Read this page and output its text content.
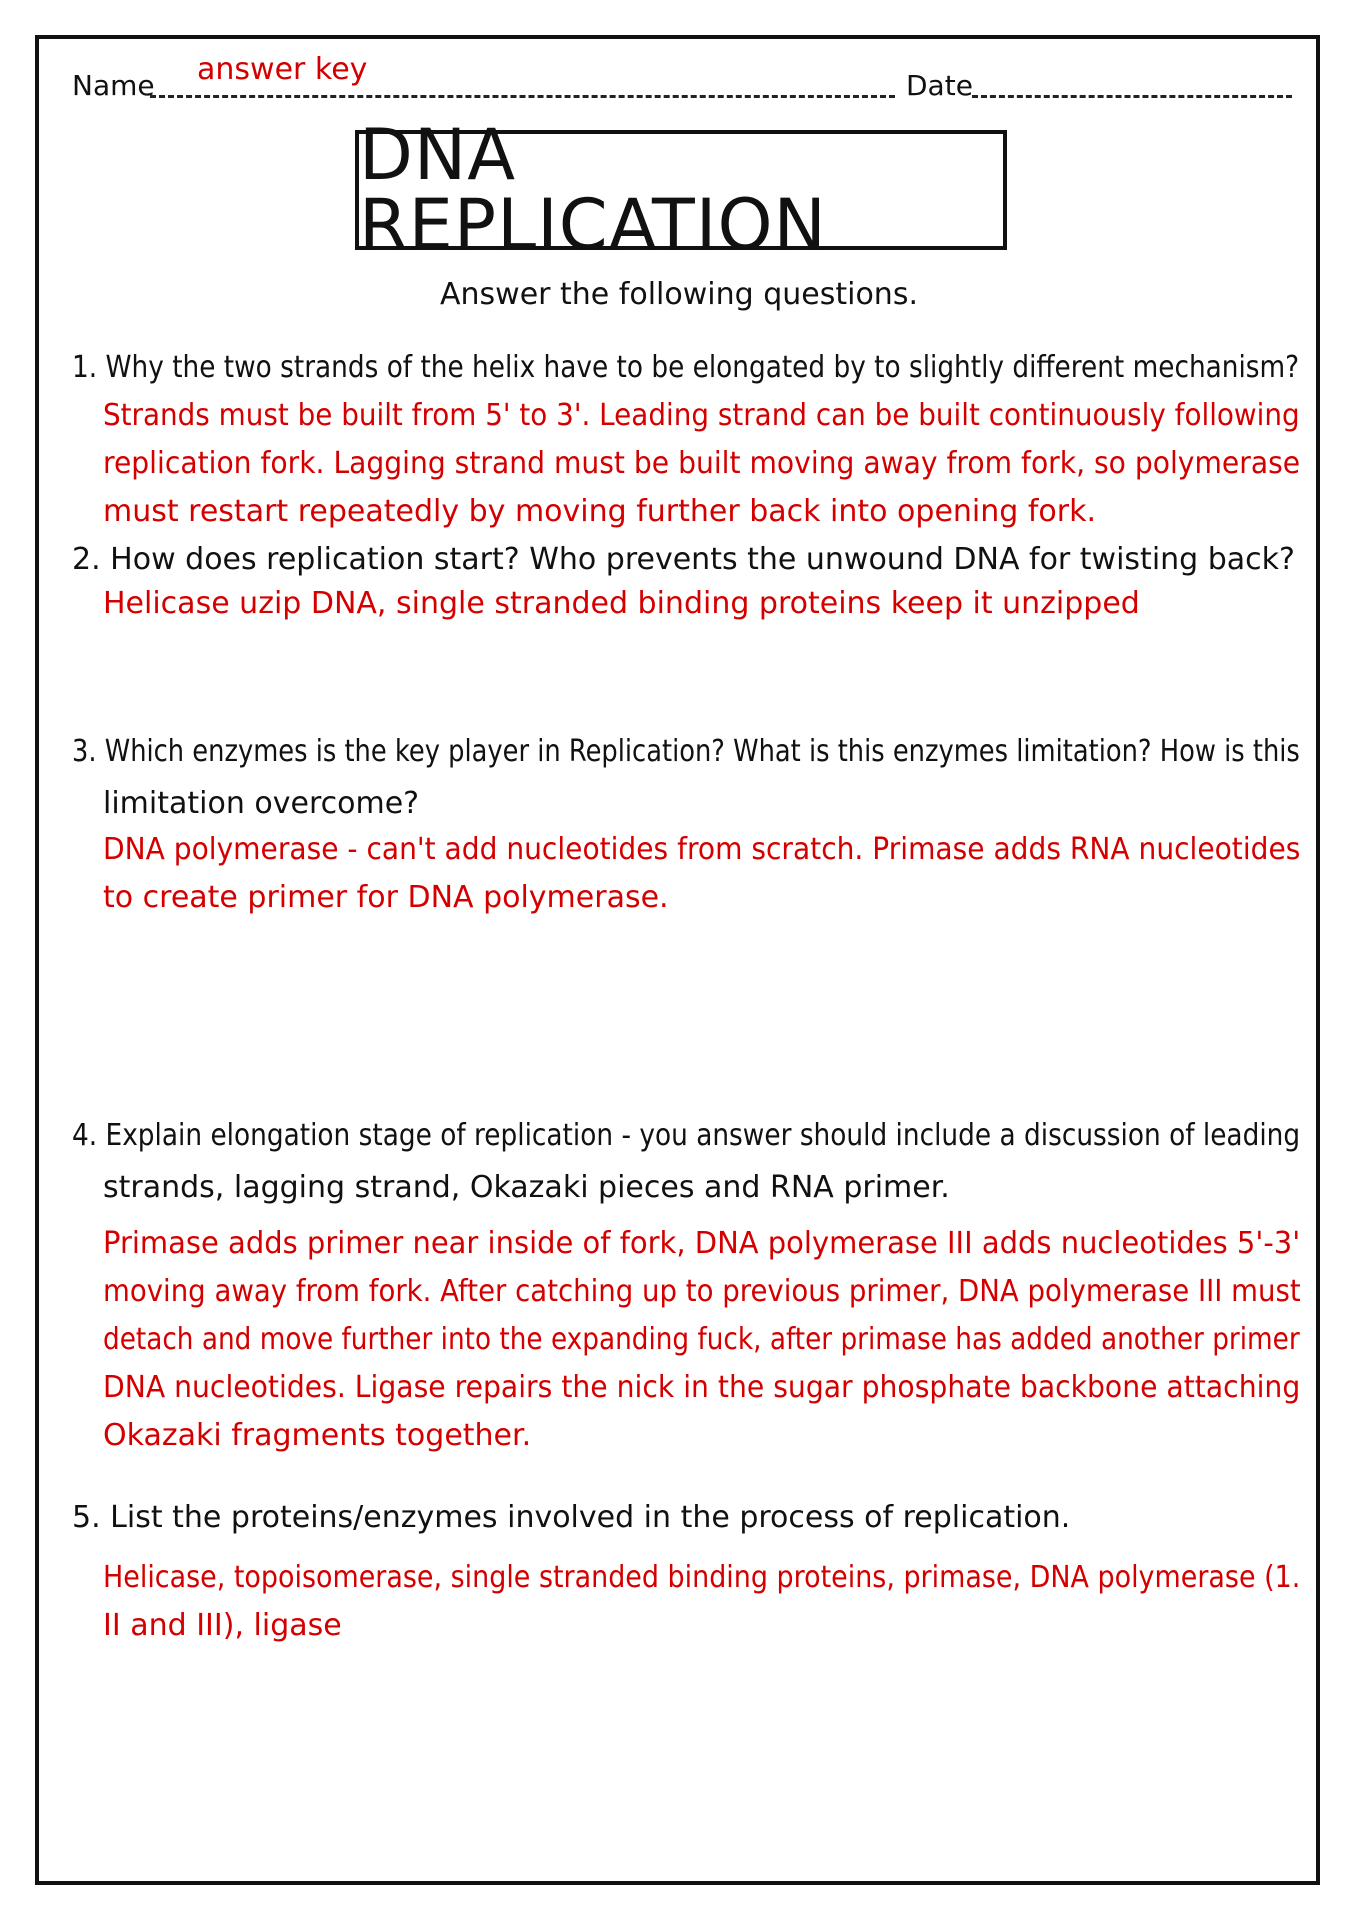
Name answer key	Date
DNA REPLICATION
Answer the following questions.
1. Why the two strands of the helix have to be elongated by to slightly different mechanism?
Strands must be built from 5' to 3'. Leading strand can be built continuously following
replication fork. Lagging strand must be built moving away from fork, so polymerase
must restart repeatedly by moving further back into opening fork.
2. How does replication start? Who prevents the unwound DNA for twisting back?
Helicase uzip DNA, single stranded binding proteins keep it unzipped
3. Which enzymes is the key player in Replication? What is this enzymes limitation? How is this
limitation overcome?
DNA polymerase - can't add nucleotides from scratch. Primase adds RNA nucleotides
to create primer for DNA polymerase.
4. Explain elongation stage of replication - you answer should include a discussion of leading
strands, lagging strand, Okazaki pieces and RNA primer.
Primase adds primer near inside of fork, DNA polymerase III adds nucleotides 5'-3'
moving away from fork. After catching up to previous primer, DNA polymerase III must
detach and move further into the expanding fuck, after primase has added another primer
DNA nucleotides. Ligase repairs the nick in the sugar phosphate backbone attaching
Okazaki fragments together.
5. List the proteins/enzymes involved in the process of replication.
Helicase, topoisomerase, single stranded binding proteins, primase, DNA polymerase (1.
II and III), ligase
